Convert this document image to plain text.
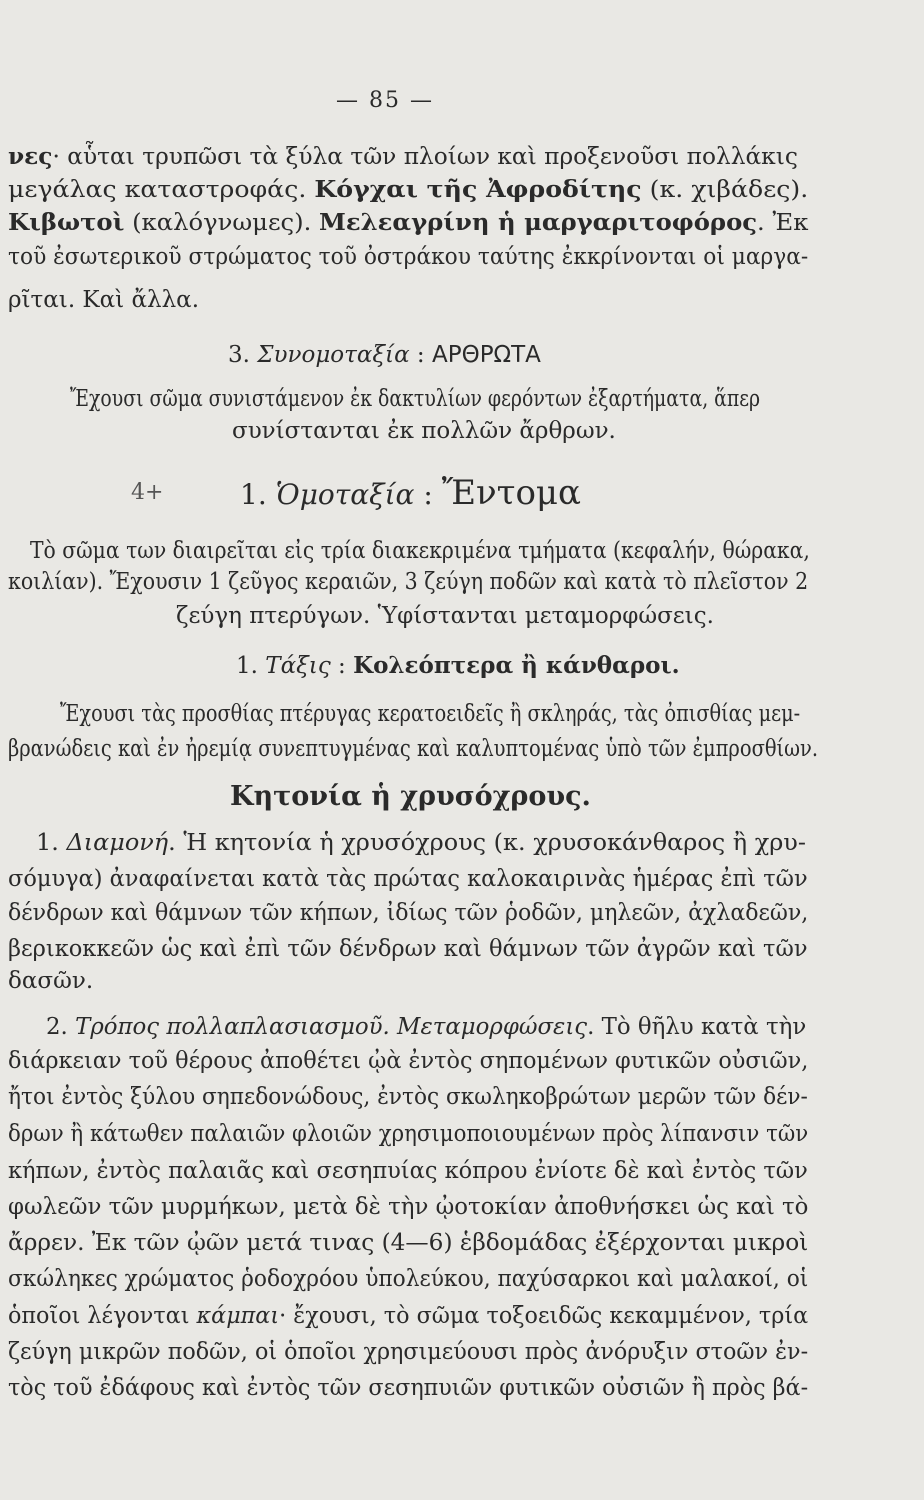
— 85 —
4+
νες· αὗται τρυπῶσι τὰ ξύλα τῶν πλοίων καὶ προξενοῦσι πολλάκις
μεγάλας καταστροφάς. Κόγχαι τῆς Ἀφροδίτης (κ. χιβάδες).
Κιβωτοὶ (καλόγνωμες). Μελεαγρίνη ἡ μαργαριτοφόρος. Ἐκ
τοῦ ἐσωτερικοῦ στρώματος τοῦ ὀστράκου ταύτης ἐκκρίνονται οἱ μαργα-
ρῖται. Καὶ ἄλλα.
3. Συνομοταξία : ΑΡΘΡΩΤΑ
Ἔχουσι σῶμα συνιστάμενον ἐκ δακτυλίων φερόντων ἐξαρτήματα, ἅπερ
συνίστανται ἐκ πολλῶν ἄρθρων.
1. Ὁμοταξία : Ἔντομα
Τὸ σῶμα των διαιρεῖται εἰς τρία διακεκριμένα τμήματα (κεφαλήν, θώρακα,
κοιλίαν). Ἔχουσιν 1 ζεῦγος κεραιῶν, 3 ζεύγη ποδῶν καὶ κατὰ τὸ πλεῖστον 2
ζεύγη πτερύγων. Ὑφίστανται μεταμορφώσεις.
1. Τάξις : Κολεόπτερα ἢ κάνθαροι.
Ἔχουσι τὰς προσθίας πτέρυγας κερατοειδεῖς ἢ σκληράς, τὰς ὀπισθίας μεμ-
βρανώδεις καὶ ἐν ἠρεμίᾳ συνεπτυγμένας καὶ καλυπτομένας ὑπὸ τῶν ἐμπροσθίων.
Κητονία ἡ χρυσόχρους.
1. Διαμονή. Ἡ κητονία ἡ χρυσόχρους (κ. χρυσοκάνθαρος ἢ χρυ-
σόμυγα) ἀναφαίνεται κατὰ τὰς πρώτας καλοκαιρινὰς ἡμέρας ἐπὶ τῶν
δένδρων καὶ θάμνων τῶν κήπων, ἰδίως τῶν ῥοδῶν, μηλεῶν, ἀχλαδεῶν,
βερικοκκεῶν ὡς καὶ ἐπὶ τῶν δένδρων καὶ θάμνων τῶν ἀγρῶν καὶ τῶν
δασῶν.
2. Τρόπος πολλαπλασιασμοῦ. Μεταμορφώσεις. Τὸ θῆλυ κατὰ τὴν
διάρκειαν τοῦ θέρους ἀποθέτει ᾠὰ ἐντὸς σηπομένων φυτικῶν οὐσιῶν,
ἤτοι ἐντὸς ξύλου σηπεδονώδους, ἐντὸς σκωληκοβρώτων μερῶν τῶν δέν-
δρων ἢ κάτωθεν παλαιῶν φλοιῶν χρησιμοποιουμένων πρὸς λίπανσιν τῶν
κήπων, ἐντὸς παλαιᾶς καὶ σεσηπυίας κόπρου ἐνίοτε δὲ καὶ ἐντὸς τῶν
φωλεῶν τῶν μυρμήκων, μετὰ δὲ τὴν ᾠοτοκίαν ἀποθνήσκει ὡς καὶ τὸ
ἄρρεν. Ἐκ τῶν ᾠῶν μετά τινας (4—6) ἑβδομάδας ἐξέρχονται μικροὶ
σκώληκες χρώματος ῥοδοχρόου ὑπολεύκου, παχύσαρκοι καὶ μαλακοί, οἱ
ὁποῖοι λέγονται κάμπαι· ἔχουσι, τὸ σῶμα τοξοειδῶς κεκαμμένον, τρία
ζεύγη μικρῶν ποδῶν, οἱ ὁποῖοι χρησιμεύουσι πρὸς ἀνόρυξιν στοῶν ἐν-
τὸς τοῦ ἐδάφους καὶ ἐντὸς τῶν σεσηπυιῶν φυτικῶν οὐσιῶν ἢ πρὸς βά-
